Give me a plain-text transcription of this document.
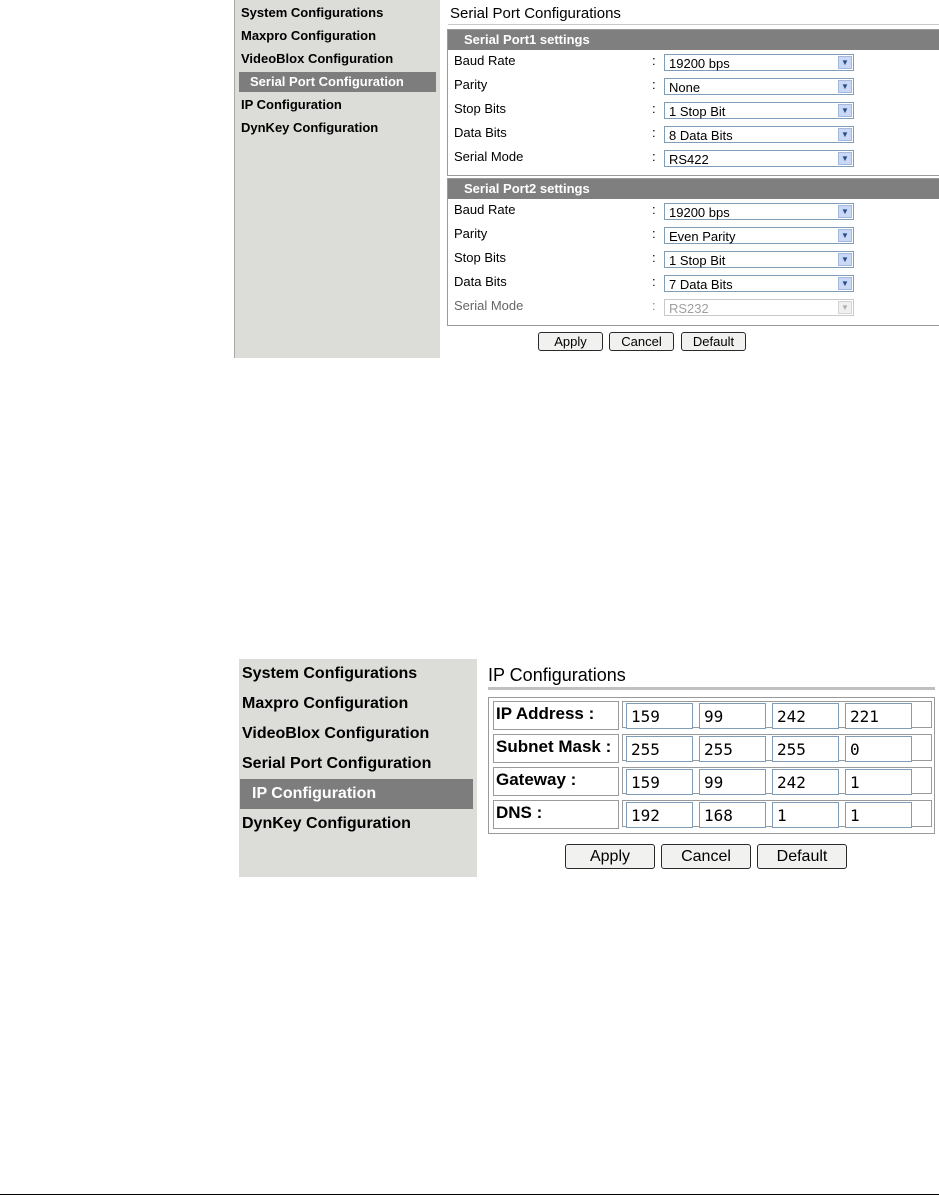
System Configurations
Maxpro Configuration
VideoBlox Configuration
Serial Port Configuration
IP Configuration
DynKey Configuration
Serial Port Configurations
Serial Port1 settings
Baud Rate	:	19200 bps	▼
Parity	:	None	▼
Stop Bits	:	1 Stop Bit	▼
Data Bits	:	8 Data Bits	▼
Serial Mode	:	RS422	▼
Serial Port2 settings
Baud Rate	:	19200 bps	▼
Parity	:	Even Parity	▼
Stop Bits	:	1 Stop Bit	▼
Data Bits	:	7 Data Bits	▼
Serial Mode	:	RS232	▼
Apply	Cancel	Default
System Configurations
Maxpro Configuration
VideoBlox Configuration
Serial Port Configuration
IP Configuration
DynKey Configuration
IP Configurations
IP Address :	159	99	242	221
Subnet Mask :	255	255	255	0
Gateway :	159	99	242	1
DNS :	192	168	1	1
Apply	Cancel	Default
